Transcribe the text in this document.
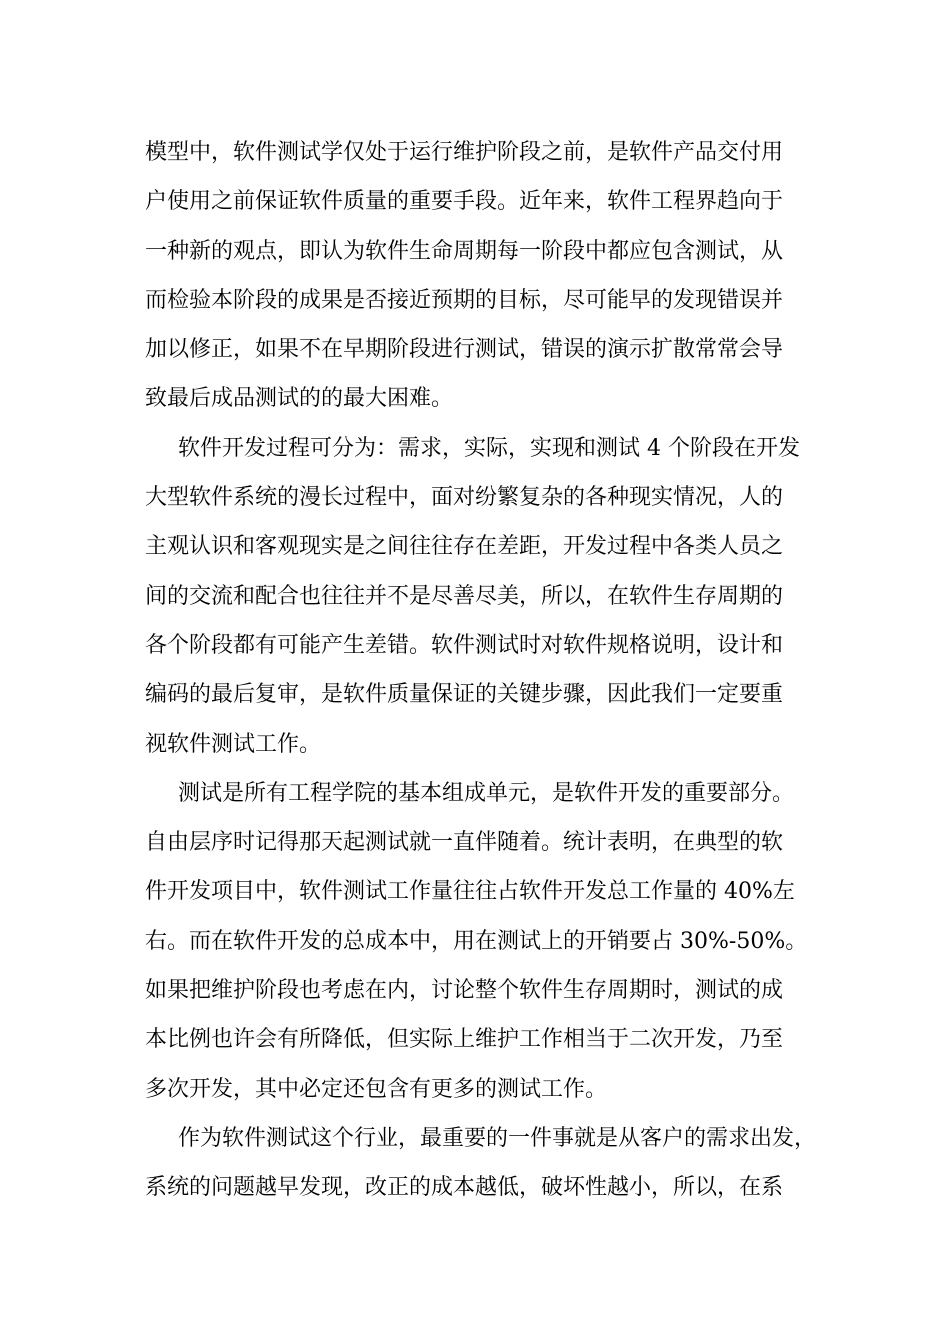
模型中，软件测试学仅处于运行维护阶段之前，是软件产品交付用
户使用之前保证软件质量的重要手段。近年来，软件工程界趋向于
一种新的观点，即认为软件生命周期每一阶段中都应包含测试，从
而检验本阶段的成果是否接近预期的目标，尽可能早的发现错误并
加以修正，如果不在早期阶段进行测试，错误的演示扩散常常会导
致最后成品测试的的最大困难。
软件开发过程可分为：需求，实际，实现和测试 4 个阶段在开发
大型软件系统的漫长过程中，面对纷繁复杂的各种现实情况，人的
主观认识和客观现实是之间往往存在差距，开发过程中各类人员之
间的交流和配合也往往并不是尽善尽美，所以，在软件生存周期的
各个阶段都有可能产生差错。软件测试时对软件规格说明，设计和
编码的最后复审，是软件质量保证的关键步骤，因此我们一定要重
视软件测试工作。
测试是所有工程学院的基本组成单元，是软件开发的重要部分。
自由层序时记得那天起测试就一直伴随着。统计表明，在典型的软
件开发项目中，软件测试工作量往往占软件开发总工作量的 40%左
右。而在软件开发的总成本中，用在测试上的开销要占 30%-50%。
如果把维护阶段也考虑在内，讨论整个软件生存周期时，测试的成
本比例也许会有所降低，但实际上维护工作相当于二次开发，乃至
多次开发，其中必定还包含有更多的测试工作。
作为软件测试这个行业，最重要的一件事就是从客户的需求出发，
系统的问题越早发现，改正的成本越低，破坏性越小，所以，在系
